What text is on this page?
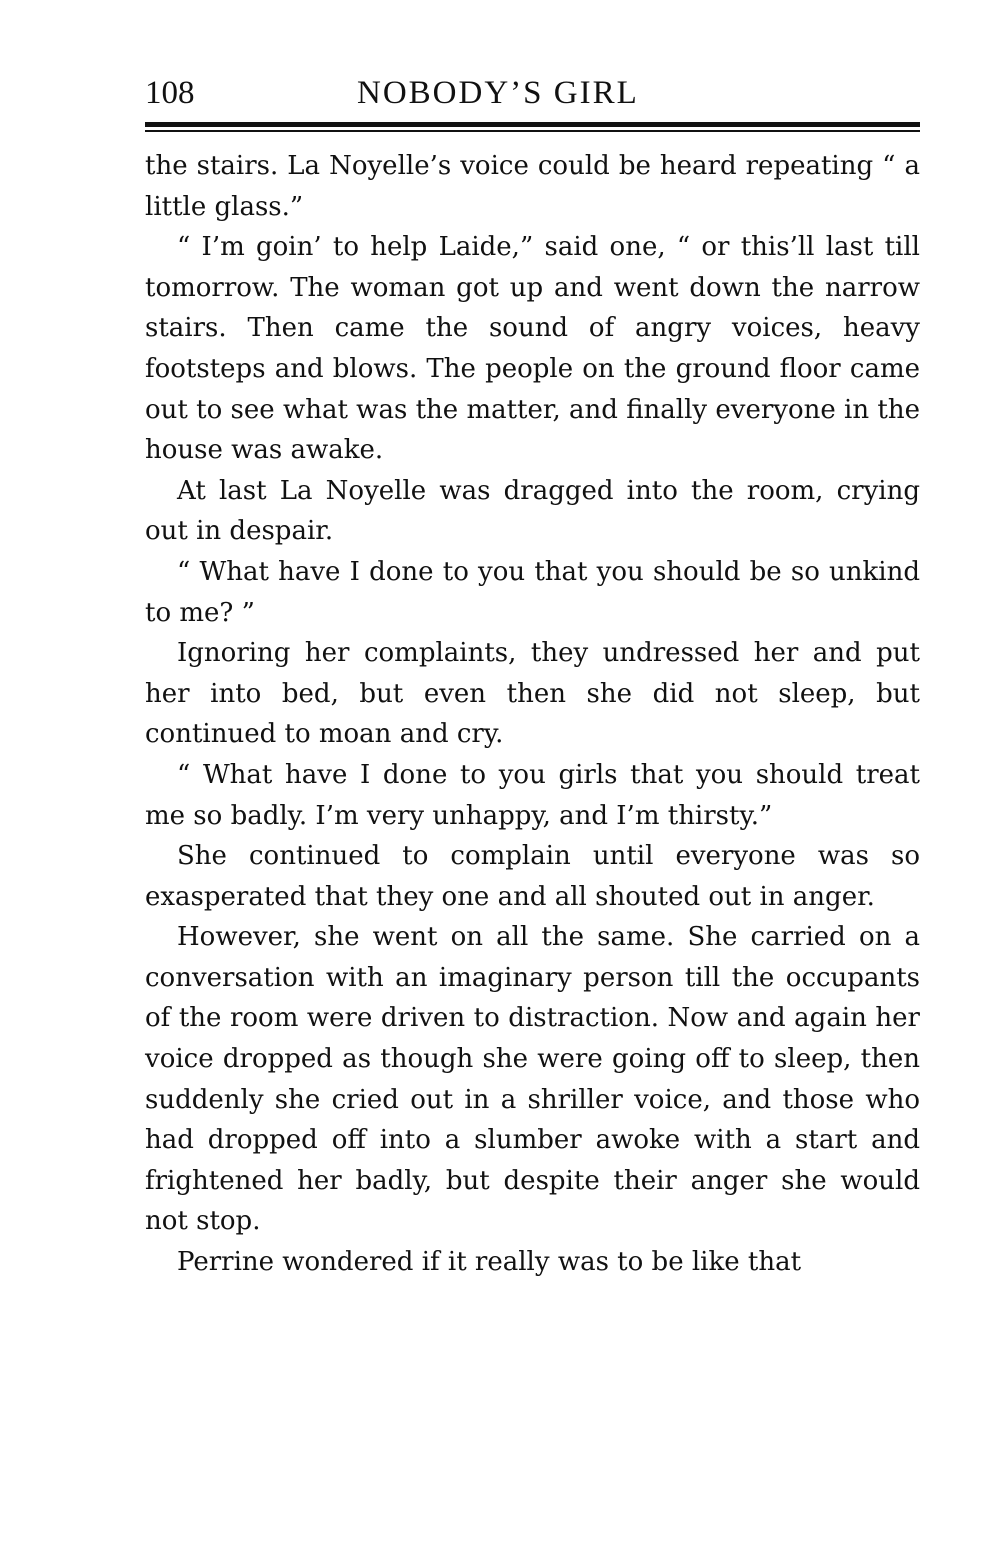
108	NOBODY’S GIRL

the stairs. La Noyelle’s voice could be heard repeating “ a little glass.”

“ I’m goin’ to help Laide,” said one, “ or this’ll last till tomorrow. The woman got up and went down the narrow stairs. Then came the sound of angry voices, heavy footsteps and blows. The people on the ground floor came out to see what was the matter, and finally everyone in the house was awake.

At last La Noyelle was dragged into the room, crying out in despair.

“ What have I done to you that you should be so unkind to me? ”

Ignoring her complaints, they undressed her and put her into bed, but even then she did not sleep, but continued to moan and cry.

“ What have I done to you girls that you should treat me so badly. I’m very unhappy, and I’m thirsty.”

She continued to complain until everyone was so exasperated that they one and all shouted out in anger.

However, she went on all the same. She carried on a conversation with an imaginary person till the occupants of the room were driven to distraction. Now and again her voice dropped as though she were going off to sleep, then suddenly she cried out in a shriller voice, and those who had dropped off into a slumber awoke with a start and frightened her badly, but despite their anger she would not stop.

Perrine wondered if it really was to be like that
